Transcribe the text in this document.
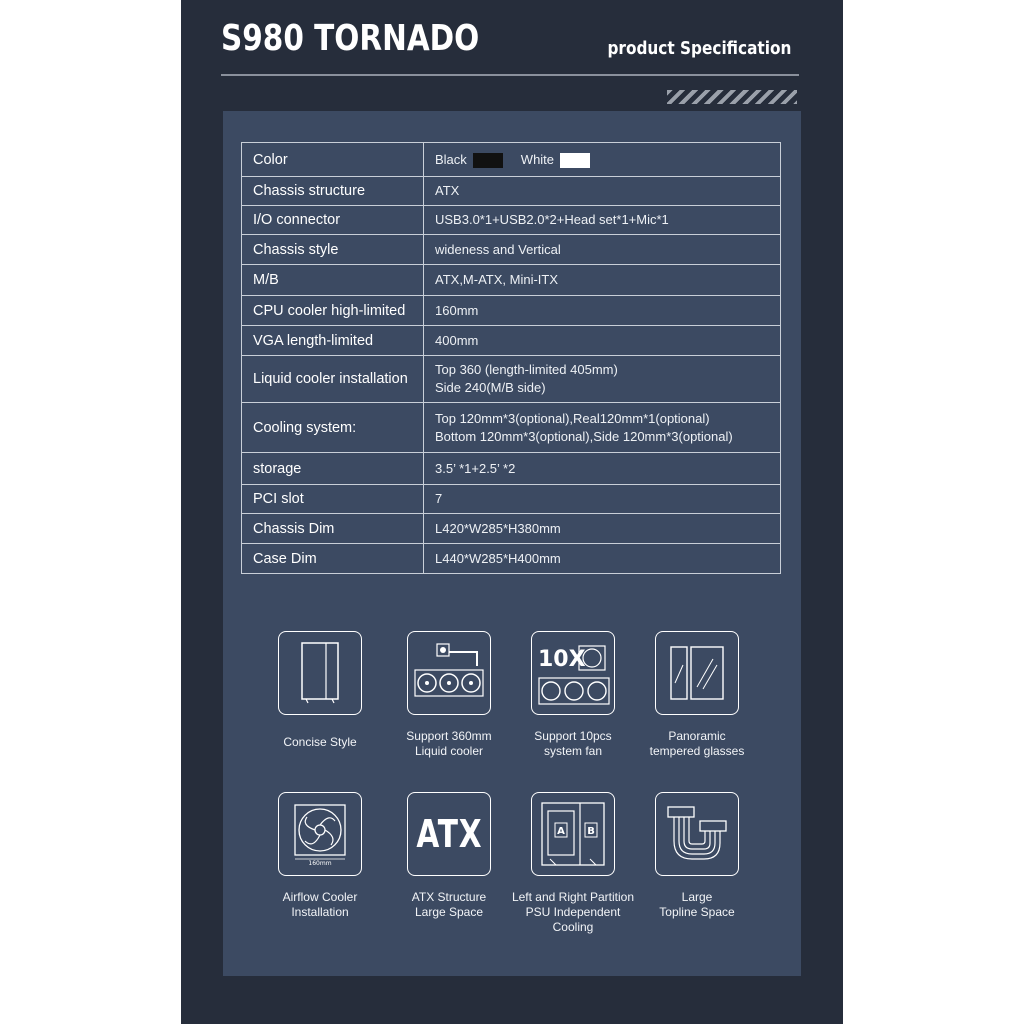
S980 TORNADO	product Specification
Color	Black White
Chassis structure	ATX
I/O connector	USB3.0*1+USB2.0*2+Head set*1+Mic*1
Chassis style	wideness and Vertical
M/B	ATX,M-ATX, Mini-ITX
CPU cooler high-limited	160mm
VGA length-limited	400mm
Liquid cooler installation	Top 360 (length-limited 405mm)
Side 240(M/B side)
Cooling system:	Top 120mm*3(optional),Real120mm*1(optional)
Bottom 120mm*3(optional),Side 120mm*3(optional)
storage	3.5’ *1+2.5’ *2
PCI slot	7
Chassis Dim	L420*W285*H380mm
Case Dim	L440*W285*H400mm
Concise Style	Support 360mm
Liquid cooler
10X
Support 10pcs
system fan
Panoramic
tempered glasses
160mm
Airflow Cooler
Installation
ATX
ATX Structure
Large Space
A B
Left and Right Partition
PSU Independent Cooling
Large
Topline Space
